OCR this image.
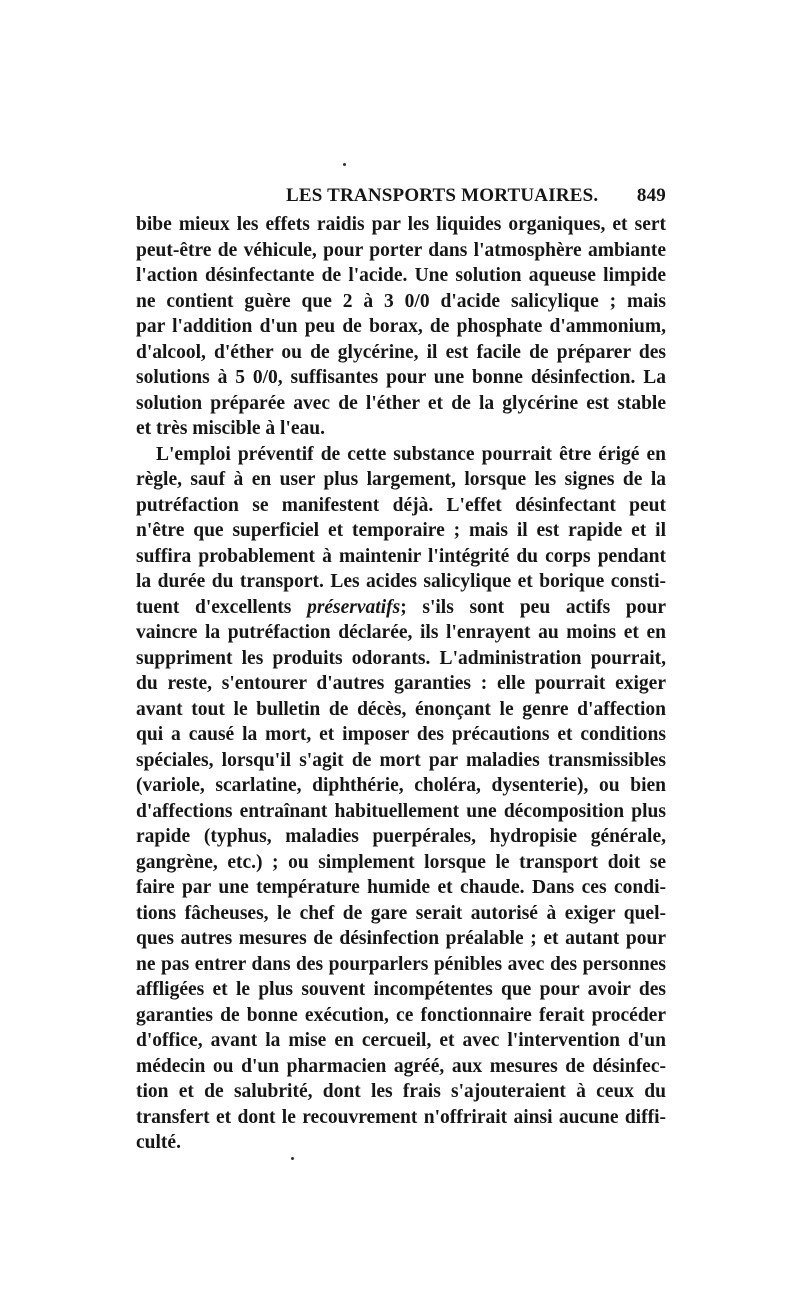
LES TRANSPORTS MORTUAIRES. 849
bibe mieux les effets raidis par les liquides organiques, et sert
peut-être de véhicule, pour porter dans l'atmosphère ambiante
l'action désinfectante de l'acide. Une solution aqueuse limpide
ne contient guère que 2 à 3 0/0 d'acide salicylique ; mais
par l'addition d'un peu de borax, de phosphate d'ammonium,
d'alcool, d'éther ou de glycérine, il est facile de préparer des
solutions à 5 0/0, suffisantes pour une bonne désinfection. La
solution préparée avec de l'éther et de la glycérine est stable
et très miscible à l'eau.
L'emploi préventif de cette substance pourrait être érigé en
règle, sauf à en user plus largement, lorsque les signes de la
putréfaction se manifestent déjà. L'effet désinfectant peut
n'être que superficiel et temporaire ; mais il est rapide et il
suffira probablement à maintenir l'intégrité du corps pendant
la durée du transport. Les acides salicylique et borique consti-
tuent d'excellents préservatifs; s'ils sont peu actifs pour
vaincre la putréfaction déclarée, ils l'enrayent au moins et en
suppriment les produits odorants. L'administration pourrait,
du reste, s'entourer d'autres garanties : elle pourrait exiger
avant tout le bulletin de décès, énonçant le genre d'affection
qui a causé la mort, et imposer des précautions et conditions
spéciales, lorsqu'il s'agit de mort par maladies transmissibles
(variole, scarlatine, diphthérie, choléra, dysenterie), ou bien
d'affections entraînant habituellement une décomposition plus
rapide (typhus, maladies puerpérales, hydropisie générale,
gangrène, etc.) ; ou simplement lorsque le transport doit se
faire par une température humide et chaude. Dans ces condi-
tions fâcheuses, le chef de gare serait autorisé à exiger quel-
ques autres mesures de désinfection préalable ; et autant pour
ne pas entrer dans des pourparlers pénibles avec des personnes
affligées et le plus souvent incompétentes que pour avoir des
garanties de bonne exécution, ce fonctionnaire ferait procéder
d'office, avant la mise en cercueil, et avec l'intervention d'un
médecin ou d'un pharmacien agréé, aux mesures de désinfec-
tion et de salubrité, dont les frais s'ajouteraient à ceux du
transfert et dont le recouvrement n'offrirait ainsi aucune diffi-
culté.
